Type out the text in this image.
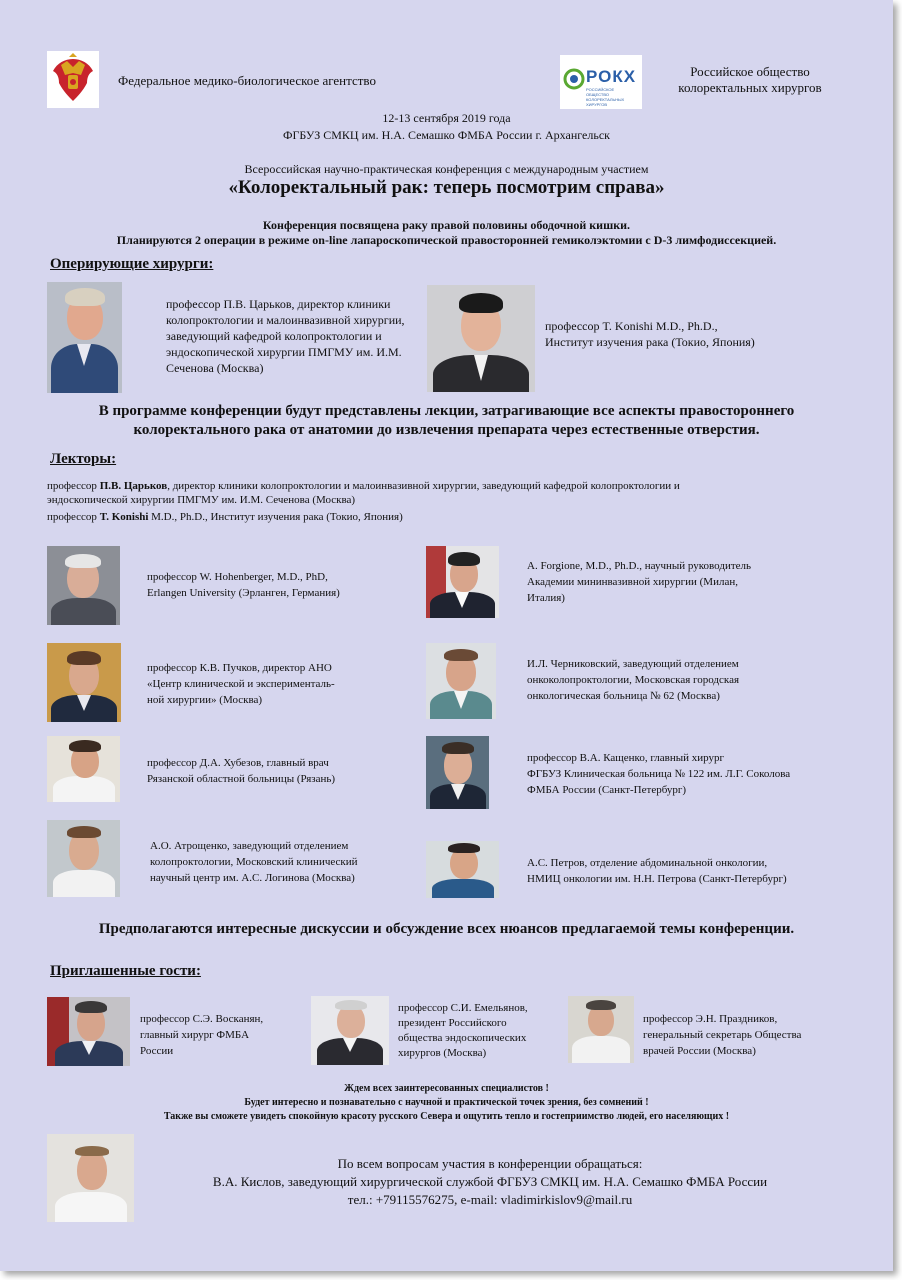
Федеральное медико-биологическое агентство	РОКХ
РОССИЙСКОЕ ОБЩЕСТВО КОЛОРЕКТАЛЬНЫХ ХИРУРГОВ
Российское общество
колоректальных хирургов
12-13 сентября 2019 года
ФГБУЗ СМКЦ им. Н.А. Семашко ФМБА России г. Архангельск
Всероссийская научно-практическая конференция с международным участием
«Колоректальный рак: теперь посмотрим справа»
Конференция посвящена раку правой половины ободочной кишки.
Планируются 2 операции в режиме on-line лапароскопической правосторонней гемиколэктомии с D-3 лимфодиссекцией.
Оперирующие хирурги:
профессор П.В. Царьков, директор клиники
колопроктологии и малоинвазивной хирургии,
заведующий кафедрой колопроктологии и
эндоскопической хирургии ПМГМУ им. И.М.
Сеченова (Москва)
профессор T. Konishi M.D., Ph.D.,
Институт изучения рака (Токио, Япония)
В программе конференции будут представлены лекции, затрагивающие все аспекты правостороннего
колоректального рака от анатомии до извлечения препарата через естественные отверстия.
Лекторы:
профессор П.В. Царьков, директор клиники колопроктологии и малоинвазивной хирургии, заведующий кафедрой колопроктологии и
эндоскопической хирургии ПМГМУ им. И.М. Сеченова (Москва)
профессор T. Konishi M.D., Ph.D., Институт изучения рака (Токио, Япония)
профессор W. Hohenberger, M.D., PhD,
Erlangen University (Эрланген, Германия)
A. Forgione, M.D., Ph.D., научный руководитель
Академии мининвазивной хирургии (Милан,
Италия)
профессор К.В. Пучков, директор АНО
«Центр клинической и эксперименталь-
ной хирургии» (Москва)
И.Л. Черниковский, заведующий отделением
онкоколопроктологии, Московская городская
онкологическая больница № 62 (Москва)
профессор Д.А. Хубезов, главный врач
Рязанской областной больницы (Рязань)
профессор В.А. Кащенко, главный хирург
ФГБУЗ Клиническая больница № 122 им. Л.Г. Соколова
ФМБА России (Санкт-Петербург)
А.О. Атрощенко, заведующий отделением
колопроктологии, Московский клинический
научный центр им. А.С. Логинова (Москва)
А.С. Петров, отделение абдоминальной онкологии,
НМИЦ онкологии им. Н.Н. Петрова (Санкт-Петербург)
Предполагаются интересные дискуссии и обсуждение всех нюансов предлагаемой темы конференции.
Приглашенные гости:
профессор С.Э. Восканян,
главный хирург ФМБА
России
профессор С.И. Емельянов,
президент Российского
общества эндоскопических
хирургов (Москва)
профессор Э.Н. Праздников,
генеральный секретарь Общества
врачей России (Москва)
Ждем всех заинтересованных специалистов !
Будет интересно и познавательно с научной и практической точек зрения, без сомнений !
Также вы сможете увидеть спокойную красоту русского Севера и ощутить тепло и гостеприимство людей, его населяющих !
По всем вопросам участия в конференции обращаться:
В.А. Кислов, заведующий хирургической службой ФГБУЗ СМКЦ им. Н.А. Семашко ФМБА России
тел.: +79115576275, e-mail: vladimirkislov9@mail.ru
